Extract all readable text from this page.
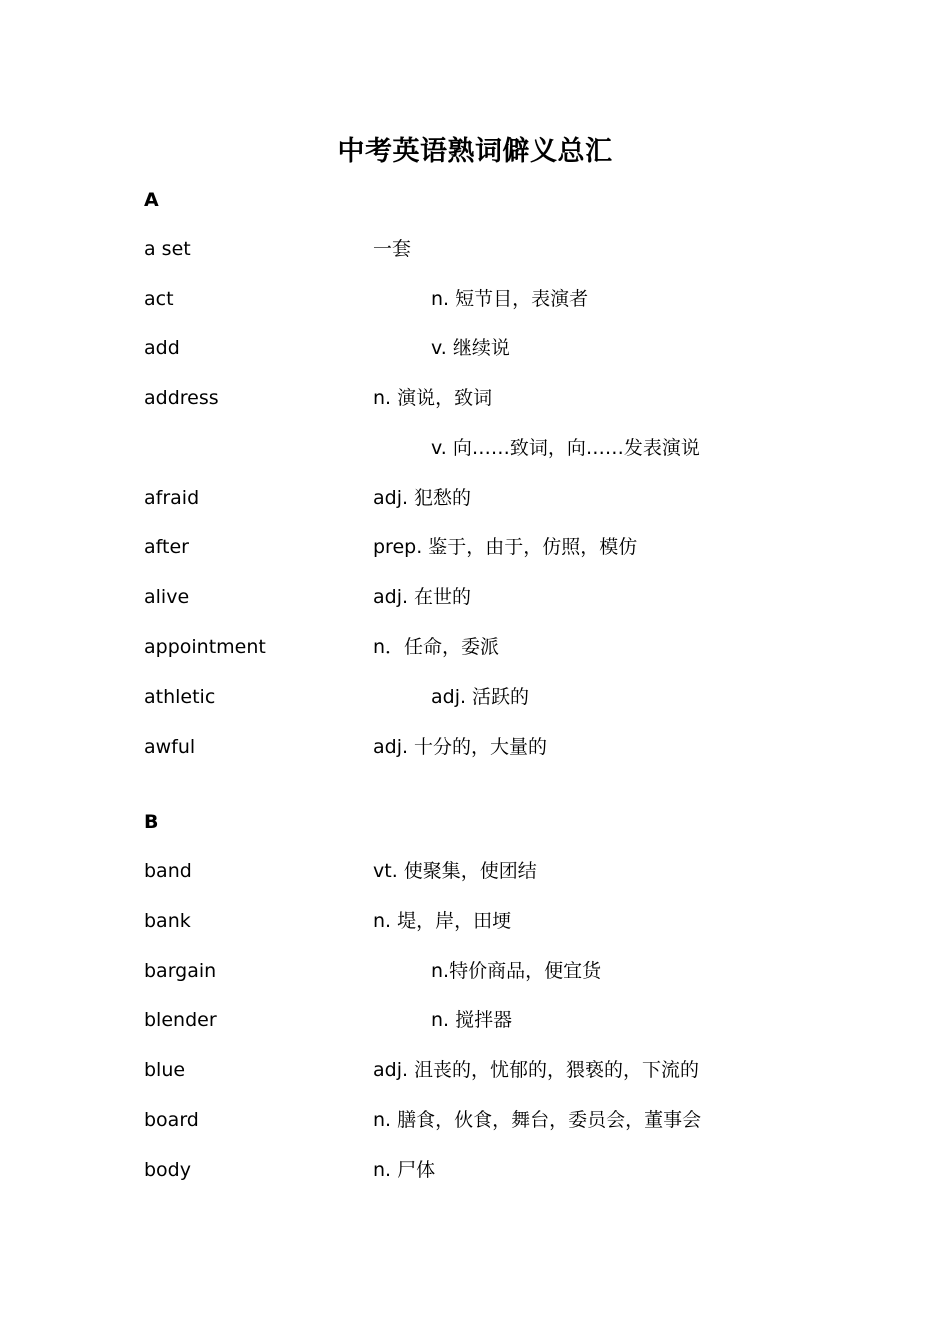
中考英语熟词僻义总汇
A
a set	一套
act	n. 短节目，表演者
add	v. 继续说
address	n. 演说，致词
v. 向……致词，向……发表演说
afraid	adj. 犯愁的
after	prep. 鉴于，由于，仿照，模仿
alive	adj. 在世的
appointment	n．任命，委派
athletic	adj. 活跃的
awful	adj. 十分的，大量的
B
band	vt. 使聚集，使团结
bank	n. 堤，岸，田埂
bargain	n.特价商品，便宜货
blender	n. 搅拌器
blue	adj. 沮丧的，忧郁的，猥亵的，下流的
board	n. 膳食，伙食，舞台，委员会，董事会
body	n. 尸体
